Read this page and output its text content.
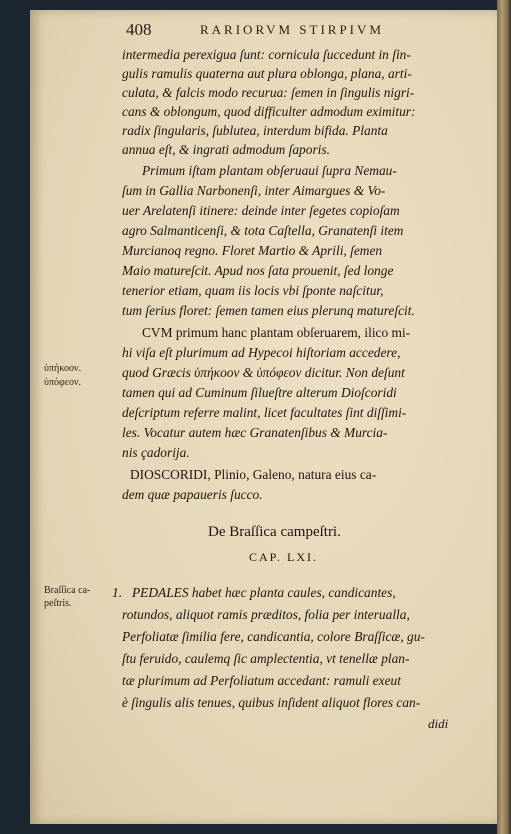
408	RARIORVM STIRPIVM
intermedia perexigua ſunt: cornicula ſuccedunt in ſin-
gulis ramulis quaterna aut plura oblonga, plana, arti-
culata, & falcis modo recurua: ſemen in ſingulis nigri-
cans & oblongum, quod difficulter admodum eximitur:
radix ſingularis, ſublutea, interdum bifida. Planta
annua eſt, & ingrati admodum ſaporis.
Primum iſtam plantam obſeruaui ſupra Nemau-
ſum in Gallia Narbonenſi, inter Aimargues & Vo-
uer Arelatenſi itinere: deinde inter ſegetes copioſam
agro Salmanticenſi, & tota Caſtella, Granatenſi item
Murcianoq regno. Floret Martio & Aprili, ſemen
Maio matureſcit. Apud nos ſata prouenit, ſed longe
tenerior etiam, quam iis locis vbi ſponte naſcitur,
tum ſerius floret: ſemen tamen eius plerunq matureſcit.
CVM primum hanc plantam obſeruarem, ilico mi-
hi viſa eſt plurimum ad Hypecoi hiſtoriam accedere,
quod Græcis ὑπήκοον & ὑπόφεον dicitur. Non deſunt
tamen qui ad Cuminum ſilueſtre alterum Dioſcoridi
deſcriptum referre malint, licet facultates ſint diſſimi-
les. Vocatur autem hæc Granatenſibus & Murcia-
nis çadorija.
DIOSCORIDI, Plinio, Galeno, natura eius ca-
dem quæ papaueris ſucco.
ὑπήκοον.
ὑπόφεον.
De Braſſica campeſtri.
CAP. LXI.
Braſſica ca-
peſtris.
1. PEDALES habet hæc planta caules, candicantes,
rotundos, aliquot ramis præditos, folia per interualla,
Perfoliatæ ſimilia fere, candicantia, colore Braſſicæ, gu-
ſtu feruido, caulemq ſic amplectentia, vt tenellæ plan-
tæ plurimum ad Perfoliatum accedant: ramuli exeut
è ſingulis alis tenues, quibus inſident aliquot flores can-
didi
